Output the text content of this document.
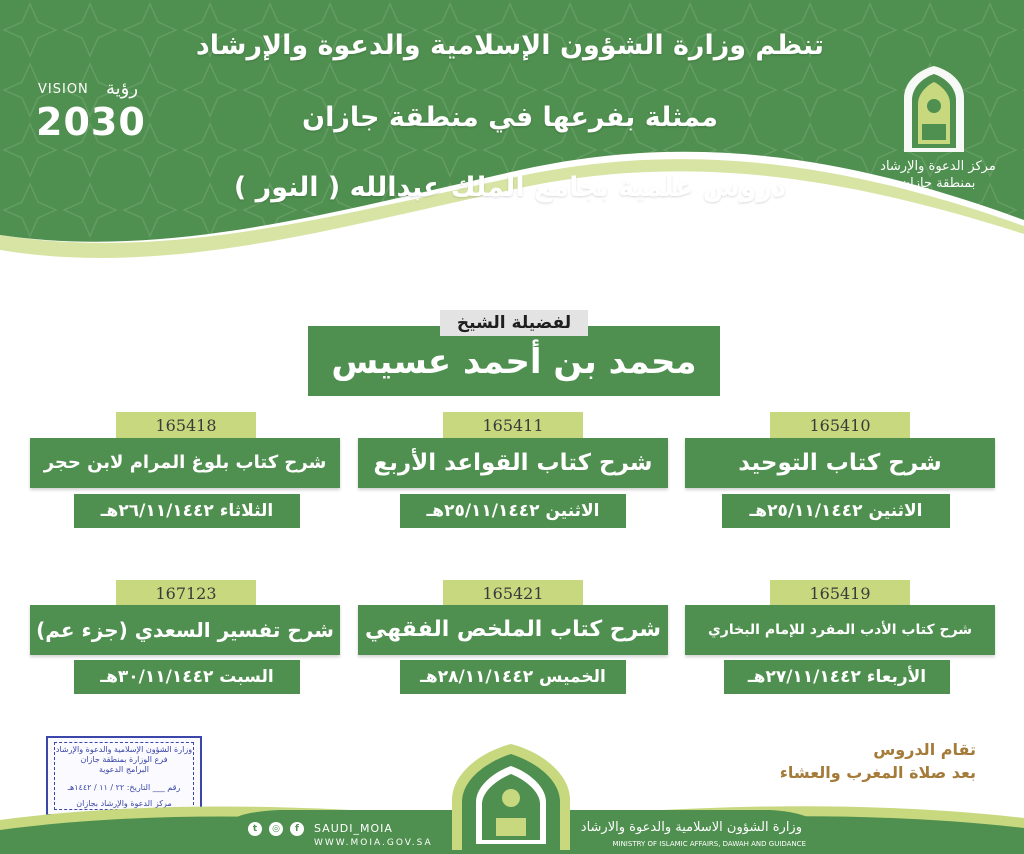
تنظم وزارة الشؤون الإسلامية والدعوة والإرشاد
ممثلة بفرعها في منطقة جازان
دروس علمية بجامع الملك عبدالله ( النور )
VISION رؤية
2030
مركز الدعوة والإرشاد
بمنطقة جازان
محمد بن أحمد عسيس
لفضيلة الشيخ
165410
شرح كتاب التوحيد
الاثنين ٢٥/١١/١٤٤٢هـ
165411
شرح كتاب القواعد الأربع
الاثنين ٢٥/١١/١٤٤٢هـ
165418
شرح كتاب بلوغ المرام لابن حجر
الثلاثاء ٢٦/١١/١٤٤٢هـ
165419
شرح كتاب الأدب المفرد للإمام البخاري
الأربعاء ٢٧/١١/١٤٤٢هـ
165421
شرح كتاب الملخص الفقهي
الخميس ٢٨/١١/١٤٤٢هـ
167123
شرح تفسير السعدي (جزء عم)
السبت ٣٠/١١/١٤٤٢هـ
تقام الدروس
بعد صلاة المغرب والعشاء
وزارة الشؤون الإسلامية والدعوة والإرشاد
فرع الوزارة بمنطقة جازان
البرامج الدعوية
رقم ___ التاريخ: ٢٢ / ١١ / ١٤٤٢هـ
مركز الدعوة والإرشاد بجازان
f
◎
t	SAUDI_MOIA
WWW.MOIA.GOV.SA
وزارة الشؤون الاسلامية والدعوة والارشاد
MINISTRY OF ISLAMIC AFFAIRS, DAWAH AND GUIDANCE
